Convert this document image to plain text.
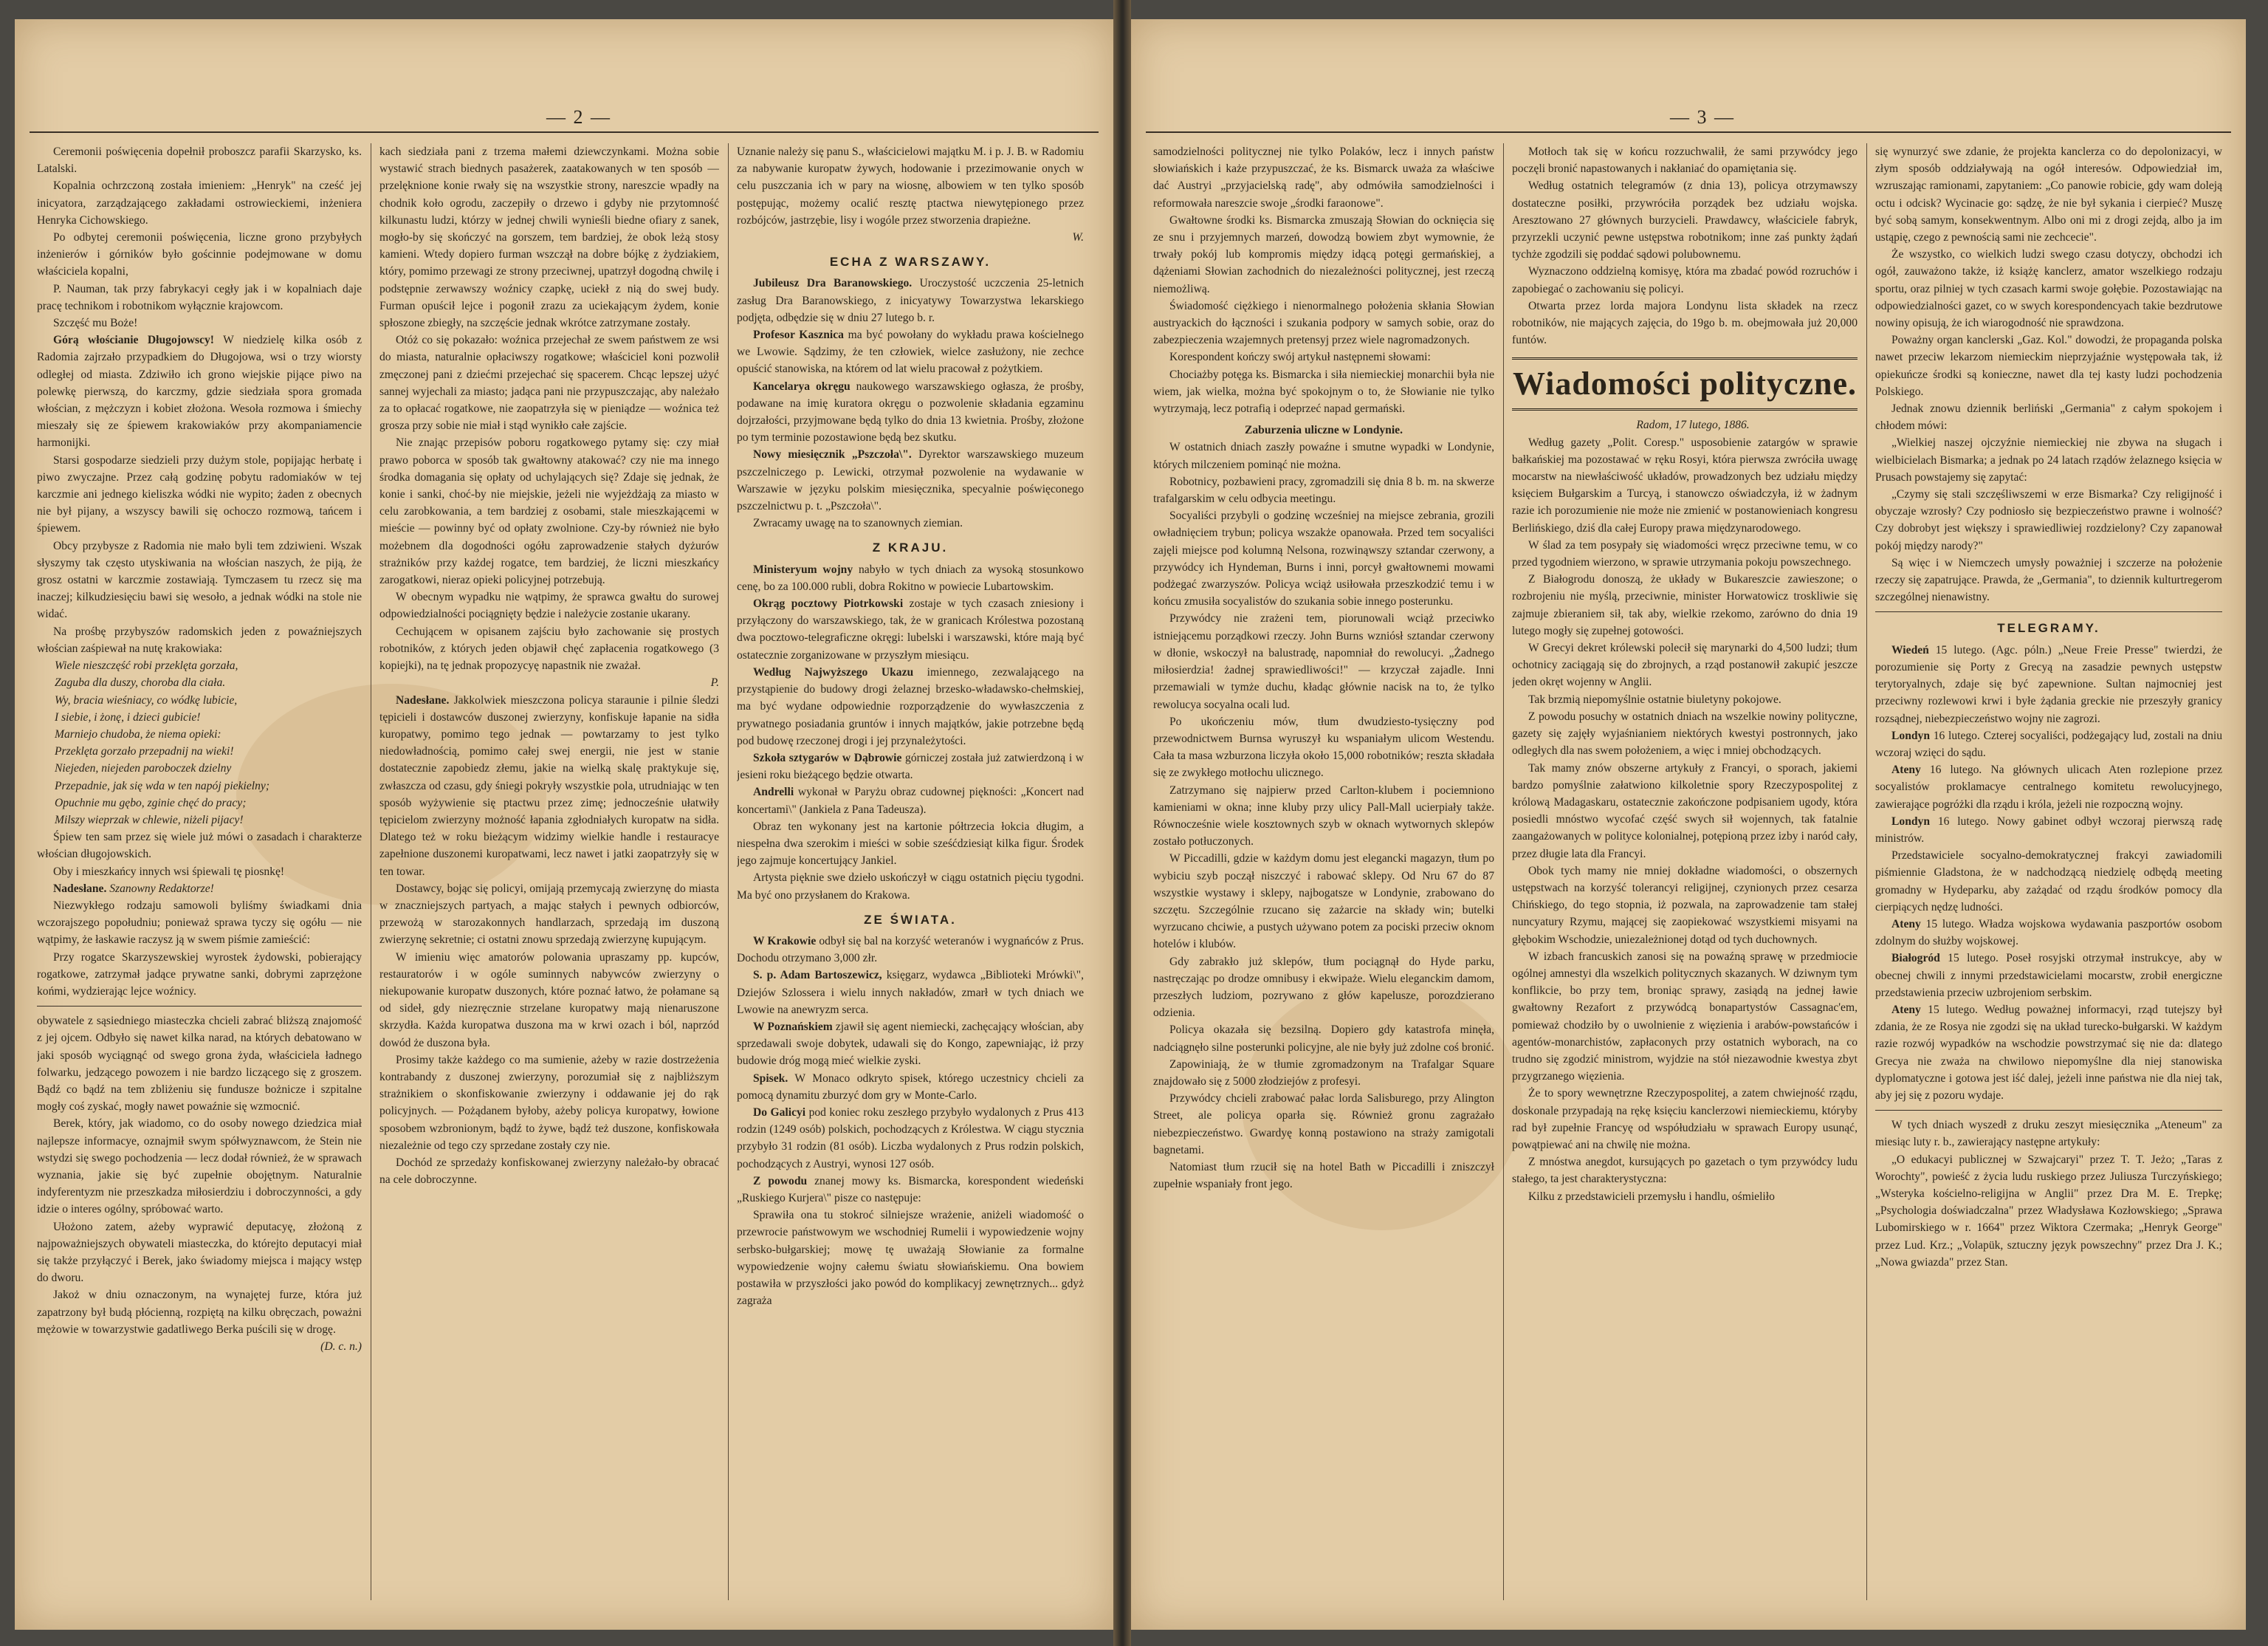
— 2 —

Ceremonii poświęcenia dopełnił proboszcz parafii Skarzysko, ks. Latalski.

Kopalnia ochrzczoną została imieniem: „Henryk" na cześć jej inicyatora, zarządzającego zakładami ostrowieckiemi, inżeniera Henryka Cichowskiego.

Po odbytej ceremonii poświęcenia, liczne grono przybyłych inżenierów i górników było gościnnie podejmowane w domu właściciela kopalni,

P. Nauman, tak przy fabrykacyi cegły jak i w kopalniach daje pracę technikom i robotnikom wyłącznie krajowcom.

Szczęść mu Boże!

Górą włościanie Długojowscy! W niedzielę kilka osób z Radomia zajrzało przypadkiem do Długojowa, wsi o trzy wiorsty odległej od miasta. Zdziwiło ich grono wiejskie pijące piwo na polewkę pierwszą, do karczmy, gdzie siedziała spora gromada włościan, z mężczyzn i kobiet złożona. Wesoła rozmowa i śmiechy mieszały się ze śpiewem krakowiaków przy akompaniamencie harmonijki.

Starsi gospodarze siedzieli przy dużym stole, popijając herbatę i piwo zwyczajne. Przez całą godzinę pobytu radomiaków w tej karczmie ani jednego kieliszka wódki nie wypito; żaden z obecnych nie był pijany, a wszyscy bawili się ochoczo rozmową, tańcem i śpiewem.

Obcy przybysze z Radomia nie mało byli tem zdziwieni. Wszak słyszymy tak często utyskiwania na włościan naszych, że piją, że grosz ostatni w karczmie zostawiają. Tymczasem tu rzecz się ma inaczej; kilkudziesięciu bawi się wesoło, a jednak wódki na stole nie widać.

Na prośbę przybyszów radomskich jeden z powaźniejszych włościan zaśpiewał na nutę krakowiaka:

Wiele nieszczęść robi przeklęta gorzała,

Zaguba dla duszy, choroba dla ciała.

Wy, bracia wieśniacy, co wódkę lubicie,

I siebie, i żonę, i dzieci gubicie!

Marniejo chudoba, że niema opieki:

Przeklęta gorzało przepadnij na wieki!

Niejeden, niejeden paroboczek dzielny

Przepadnie, jak się wda w ten napój piekielny;

Opuchnie mu gębo, zginie chęć do pracy;

Milszy wieprzak w chlewie, niżeli pijacy!

Śpiew ten sam przez się wiele już mówi o zasadach i charakterze włościan długojowskich.

Oby i mieszkańcy innych wsi śpiewali tę piosnkę!

Nadesłane. Szanowny Redaktorze!

Niezwykłego rodzaju samowoli byliśmy świadkami dnia wczorajszego popołudniu; ponieważ sprawa tyczy się ogółu — nie wątpimy, że łaskawie raczysz ją w swem piśmie zamieścić:

Przy rogatce Skarzyszewskiej wyrostek żydowski, pobierający rogatkowe, zatrzymał jadące prywatne sanki, dobrymi zaprzężone końmi, wydzierając lejce woźnicy.

obywatele z sąsiedniego miasteczka chcieli zabrać bliższą znajomość z jej ojcem. Odbyło się nawet kilka narad, na których debatowano w jaki sposób wyciągnąć od swego grona żyda, właściciela ładnego folwarku, jedzącego powozem i nie bardzo liczącego się z groszem. Bądź co bądź na tem zbliżeniu się fundusze bożnicze i szpitalne mogły coś zyskać, mogły nawet powaźnie się wzmocnić.

Berek, który, jak wiadomo, co do osoby nowego dziedzica miał najlepsze informacye, oznajmił swym spółwyznawcom, że Stein nie wstydzi się swego pochodzenia — lecz dodał również, że w sprawach wyznania, jakie się być zupełnie obojętnym. Naturalnie indyferentyzm nie przeszkadza miłosierdziu i dobroczynności, a gdy idzie o interes ogólny, spróbować warto.

Ułożono zatem, ażeby wyprawić deputacyę, złożoną z najpoważniejszych obywateli miasteczka, do którejto deputacyi miał się także przyłączyć i Berek, jako świadomy miejsca i mający wstęp do dworu.

Jakoż w dniu oznaczonym, na wynajętej furze, która już zapatrzony był budą płócienną, rozpiętą na kilku obręczach, poważni mężowie w towarzystwie gadatliwego Berka puścili się w drogę.

(D. c. n.)

kach siedziała pani z trzema małemi dziewczynkami. Można sobie wystawić strach biednych pasażerek, zaatakowanych w ten sposób — przelęknione konie rwały się na wszystkie strony, nareszcie wpadły na chodnik koło ogrodu, zaczepiły o drzewo i gdyby nie przytomność kilkunastu ludzi, którzy w jednej chwili wynieśli biedne ofiary z sanek, mogło-by się skończyć na gorszem, tem bardziej, że obok leżą stosy kamieni. Wtedy dopiero furman wszczął na dobre bójkę z żydziakiem, który, pomimo przewagi ze strony przeciwnej, upatrzył dogodną chwilę i podstępnie zerwawszy woźnicy czapkę, uciekł z nią do swej budy. Furman opuścił lejce i pogonił zrazu za uciekającym żydem, konie spłoszone zbiegły, na szczęście jednak wkrótce zatrzymane zostały.

Otóż co się pokazało: woźnica przejechał ze swem państwem ze wsi do miasta, naturalnie opłaciwszy rogatkowe; właściciel koni pozwolił zmęczonej pani z dziećmi przejechać się spacerem. Chcąc lepszej użyć sannej wyjechali za miasto; jadąca pani nie przypuszczając, aby należało za to opłacać rogatkowe, nie zaopatrzyła się w pieniądze — woźnica też grosza przy sobie nie miał i stąd wynikło całe zajście.

Nie znając przepisów poboru rogatkowego pytamy się: czy miał prawo poborca w sposób tak gwałtowny atakować? czy nie ma innego środka domagania się opłaty od uchylających się? Zdaje się jednak, że konie i sanki, choć-by nie miejskie, jeżeli nie wyjeżdżają za miasto w celu zarobkowania, a tem bardziej z osobami, stale mieszkającemi w mieście — powinny być od opłaty zwolnione. Czy-by również nie było możebnem dla dogodności ogółu zaprowadzenie stałych dyżurów strażników przy każdej rogatce, tem bardziej, że liczni mieszkańcy zarogatkowi, nieraz opieki policyjnej potrzebują.

W obecnym wypadku nie wątpimy, że sprawca gwałtu do surowej odpowiedzialności pociągnięty będzie i należycie zostanie ukarany.

Cechującem w opisanem zajściu było zachowanie się prostych robotników, z których jeden objawił chęć zapłacenia rogatkowego (3 kopiejki), na tę jednak propozycyę napastnik nie zważał.

P.

Nadesłane. Jakkolwiek mieszczona policya staraunie i pilnie śledzi tępicieli i dostawców duszonej zwierzyny, konfiskuje łapanie na sidła kuropatwy, pomimo tego jednak — powtarzamy to jest tylko niedowładnością, pomimo całej swej energii, nie jest w stanie dostatecznie zapobiedz złemu, jakie na wielką skalę praktykuje się, zwłaszcza od czasu, gdy śniegi pokryły wszystkie pola, utrudniając w ten sposób wyżywienie się ptactwu przez zimę; jednocześnie ułatwiły tępicielom zwierzyny możność łapania zgłodniałych kuropatw na sidła. Dlatego też w roku bieżącym widzimy wielkie handle i restauracye zapełnione duszonemi kuropatwami, lecz nawet i jatki zaopatrzyły się w ten towar.

Dostawcy, bojąc się policyi, omijają przemycają zwierzynę do miasta w znaczniejszych partyach, a mając stałych i pewnych odbiorców, przewożą w starozakonnych handlarzach, sprzedają im duszoną zwierzynę sekretnie; ci ostatni znowu sprzedają zwierzynę kupującym.

W imieniu więc amatorów polowania upraszamy pp. kupców, restauratorów i w ogóle suminnych nabywców zwierzyny o niekupowanie kuropatw duszonych, które poznać łatwo, że połamane są od sideł, gdy niezręcznie strzelane kuropatwy mają nienaruszone skrzydła. Każda kuropatwa duszona ma w krwi ozach i ból, naprzód dowód że duszona była.

Prosimy także każdego co ma sumienie, ażeby w razie dostrzeżenia kontrabandy z duszonej zwierzyny, porozumiał się z najbliższym strażnikiem o skonfiskowanie zwierzyny i oddawanie jej do rąk policyjnych. — Pożądanem byłoby, ażeby policya kuropatwy, łowione sposobem wzbronionym, bądź to żywe, bądź też duszone, konfiskowała niezależnie od tego czy sprzedane zostały czy nie.

Dochód ze sprzedaży konfiskowanej zwierzyny należało-by obracać na cele dobroczynne.

Uznanie należy się panu S., właścicielowi majątku M. i p. J. B. w Radomiu za nabywanie kuropatw żywych, hodowanie i przezimowanie onych w celu puszczania ich w pary na wiosnę, albowiem w ten tylko sposób postępując, możemy ocalić resztę ptactwa niewytępionego przez rozbójców, jastrzębie, lisy i wogóle przez stworzenia drapieżne.

W.

ECHA Z WARSZAWY.

Jubileusz Dra Baranowskiego. Uroczystość uczczenia 25-letnich zasług Dra Baranowskiego, z inicyatywy Towarzystwa lekarskiego podjęta, odbędzie się w dniu 27 lutego b. r.

Profesor Kasznica ma być powołany do wykładu prawa kościelnego we Lwowie. Sądzimy, że ten człowiek, wielce zasłużony, nie zechce opuścić stanowiska, na którem od lat wielu pracował z pożytkiem.

Kancelarya okręgu naukowego warszawskiego ogłasza, że prośby, podawane na imię kuratora okręgu o pozwolenie składania egzaminu dojrzałości, przyjmowane będą tylko do dnia 13 kwietnia. Prośby, złożone po tym terminie pozostawione będą bez skutku.

Nowy miesięcznik „Pszczoła\". Dyrektor warszawskiego muzeum pszczelniczego p. Lewicki, otrzymał pozwolenie na wydawanie w Warszawie w języku polskim miesięcznika, specyalnie poświęconego pszczelnictwu p. t. „Pszczoła\".

Zwracamy uwagę na to szanownych ziemian.

Z KRAJU.

Ministeryum wojny nabyło w tych dniach za wysoką stosunkowo cenę, bo za 100.000 rubli, dobra Rokitno w powiecie Lubartowskim.

Okrąg pocztowy Piotrkowski zostaje w tych czasach zniesiony i przyłączony do warszawskiego, tak, że w granicach Królestwa pozostaną dwa pocztowo-telegraficzne okręgi: lubelski i warszawski, które mają być ostatecznie zorganizowane w przyszłym miesiącu.

Według Najwyższego Ukazu imiennego, zezwalającego na przystąpienie do budowy drogi żelaznej brzesko-władawsko-chełmskiej, ma być wydane odpowiednie rozporządzenie do wywłaszczenia z prywatnego posiadania gruntów i innych majątków, jakie potrzebne będą pod budowę rzeczonej drogi i jej przynależytości.

Szkoła sztygarów w Dąbrowie górniczej została już zatwierdzoną i w jesieni roku bieżącego będzie otwarta.

Andrelli wykonał w Paryżu obraz cudownej piękności: „Koncert nad koncertami\" (Jankiela z Pana Tadeusza).

Obraz ten wykonany jest na kartonie półtrzecia łokcia długim, a niespełna dwa szerokim i mieści w sobie sześćdziesiąt kilka figur. Środek jego zajmuje koncertujący Jankiel.

Artysta pięknie swe dzieło uskończył w ciągu ostatnich pięciu tygodni. Ma być ono przysłanem do Krakowa.

ZE ŚWIATA.

W Krakowie odbył się bal na korzyść weteranów i wygnańców z Prus. Dochodu otrzymano 3,000 złr.

S. p. Adam Bartoszewicz, księgarz, wydawca „Biblioteki Mrówki\", Dziejów Szlossera i wielu innych nakładów, zmarł w tych dniach we Lwowie na anewryzm serca.

W Poznańskiem zjawił się agent niemiecki, zachęcający włościan, aby sprzedawali swoje dobytek, udawali się do Kongo, zapewniając, iż przy budowie dróg mogą mieć wielkie zyski.

Spisek. W Monaco odkryto spisek, którego uczestnicy chcieli za pomocą dynamitu zburzyć dom gry w Monte-Carlo.

Do Galicyi pod koniec roku zeszłego przybyło wydalonych z Prus 413 rodzin (1249 osób) polskich, pochodzących z Królestwa. W ciągu stycznia przybyło 31 rodzin (81 osób). Liczba wydalonych z Prus rodzin polskich, pochodzących z Austryi, wynosi 127 osób.

Z powodu znanej mowy ks. Bismarcka, korespondent wiedeński „Ruskiego Kurjera\" pisze co następuje:

Sprawiła ona tu stokroć silniejsze wrażenie, aniżeli wiadomość o przewrocie państwowym we wschodniej Rumelii i wypowiedzenie wojny serbsko-bułgarskiej; mowę tę uważają Słowianie za formalne wypowiedzenie wojny całemu światu słowiańskiemu. Ona bowiem postawiła w przyszłości jako powód do komplikacyj zewnętrznych... gdyż zagraża

— 3 —

samodzielności politycznej nie tylko Polaków, lecz i innych państw słowiańskich i każe przypuszczać, że ks. Bismarck uważa za właściwe dać Austryi „przyjacielską radę", aby odmówiła samodzielności i reformowała nareszcie swoje „środki faraonowe".

Gwałtowne środki ks. Bismarcka zmuszają Słowian do ocknięcia się ze snu i przyjemnych marzeń, dowodzą bowiem zbyt wymownie, że trwały pokój lub kompromis między idącą potęgi germańskiej, a dążeniami Słowian zachodnich do niezależności politycznej, jest rzeczą niemożliwą.

Świadomość ciężkiego i nienormalnego położenia skłania Słowian austryackich do łączności i szukania podpory w samych sobie, oraz do zabezpieczenia wzajemnych pretensyj przez wiele nagromadzonych.

Korespondent kończy swój artykuł następnemi słowami:

Chociażby potęga ks. Bismarcka i siła niemieckiej monarchii była nie wiem, jak wielka, można być spokojnym o to, że Słowianie nie tylko wytrzymają, lecz potrafią i odeprzeć napad germański.

Zaburzenia uliczne w Londynie.

W ostatnich dniach zaszły powaźne i smutne wypadki w Londynie, których milczeniem pominąć nie można.

Robotnicy, pozbawieni pracy, zgromadzili się dnia 8 b. m. na skwerze trafalgarskim w celu odbycia meetingu.

Socyaliści przybyli o godzinę wcześniej na miejsce zebrania, grozili owładnięciem trybun; policya wszakże opanowała. Przed tem socyaliści zajęli miejsce pod kolumną Nelsona, rozwinąwszy sztandar czerwony, a przywódcy ich Hyndeman, Burns i inni, porcył gwałtownemi mowami podżegać zwarzyszów. Policya wciąż usiłowała przeszkodzić temu i w końcu zmusiła socyalistów do szukania sobie innego posterunku.

Przywódcy nie zrażeni tem, piorunowali wciąż przeciwko istniejącemu porządkowi rzeczy. John Burns wzniósł sztandar czerwony w dłonie, wskoczył na balustradę, napomniał do rewolucyi. „Żadnego miłosierdzia! żadnej sprawiedliwości!" — krzyczał zajadle. Inni przemawiali w tymże duchu, kładąc głównie nacisk na to, że tylko rewolucya socyalna ocali lud.

Po ukończeniu mów, tłum dwudziesto-tysięczny pod przewodnictwem Burnsa wyruszył ku wspaniałym ulicom Westendu. Cała ta masa wzburzona liczyła około 15,000 robotników; reszta składała się ze zwykłego motłochu ulicznego.

Zatrzymano się najpierw przed Carlton-klubem i pociemniono kamieniami w okna; inne kluby przy ulicy Pall-Mall ucierpiały także. Równocześnie wiele kosztownych szyb w oknach wytwornych sklepów zostało potłuczonych.

W Piccadilli, gdzie w każdym domu jest elegancki magazyn, tłum po wybiciu szyb począł niszczyć i rabować sklepy. Od Nru 67 do 87 wszystkie wystawy i sklepy, najbogatsze w Londynie, zrabowano do szczętu. Szczególnie rzucano się zażarcie na składy win; butelki wyrzucano chciwie, a pustych używano potem za pociski przeciw oknom hotelów i klubów.

Gdy zabrakło już sklepów, tłum pociągnął do Hyde parku, nastręczając po drodze omnibusy i ekwipaże. Wielu eleganckim damom, przeszłych ludziom, pozrywano z głów kapelusze, porozdzierano odzienia.

Policya okazała się bezsilną. Dopiero gdy katastrofa minęła, nadciągnęło silne posterunki policyjne, ale nie były już zdolne coś bronić.

Zapowiniają, że w tłumie zgromadzonym na Trafalgar Square znajdowało się z 5000 złodziejów z profesyi.

Przywódcy chcieli zrabować pałac lorda Salisburego, przy Alington Street, ale policya oparła się. Również gronu zagrażało niebezpieczeństwo. Gwardyę konną postawiono na straży zamigotali bagnetami.

Natomiast tłum rzucił się na hotel Bath w Piccadilli i zniszczył zupełnie wspaniały front jego.

Motłoch tak się w końcu rozzuchwalił, że sami przywódcy jego poczęli bronić napastowanych i nakłaniać do opamiętania się.

Według ostatnich telegramów (z dnia 13), policya otrzymawszy dostateczne posiłki, przywróciła porządek bez udziału wojska. Aresztowano 27 głównych burzycieli. Prawdawcy, właściciele fabryk, przyrzekli uczynić pewne ustępstwa robotnikom; inne zaś punkty żądań tychże zgodzili się poddać sądowi polubownemu.

Wyznaczono oddzielną komisyę, która ma zbadać powód rozruchów i zapobiegać o zachowaniu się policyi.

Otwarta przez lorda majora Londynu lista składek na rzecz robotników, nie mających zajęcia, do 19go b. m. obejmowała już 20,000 funtów.

Wiadomości polityczne.

Radom, 17 lutego, 1886.

Według gazety „Polit. Coresp." usposobienie zatargów w sprawie bałkańskiej ma pozostawać w ręku Rosyi, która pierwsza zwróciła uwagę mocarstw na niewłaściwość układów, prowadzonych bez udziału między księciem Bułgarskim a Turcyą, i stanowczo oświadczyła, iż w żadnym razie ich porozumienie nie może nie zmienić w postanowieniach kongresu Berlińskiego, dziś dla całej Europy prawa międzynarodowego.

W ślad za tem posypały się wiadomości wręcz przeciwne temu, w co przed tygodniem wierzono, w sprawie utrzymania pokoju powszechnego.

Z Białogrodu donoszą, że układy w Bukareszcie zawieszone; o rozbrojeniu nie myślą, przeciwnie, minister Horwatowicz troskliwie się zajmuje zbieraniem sił, tak aby, wielkie rzekomo, zarówno do dnia 19 lutego mogły się zupełnej gotowości.

W Grecyi dekret królewski polecił się marynarki do 4,500 ludzi; tłum ochotnicy zaciągają się do zbrojnych, a rząd postanowił zakupić jeszcze jeden okręt wojenny w Anglii.

Tak brzmią niepomyślnie ostatnie biuletyny pokojowe.

Z powodu posuchy w ostatnich dniach na wszelkie nowiny polityczne, gazety się zajęły wyjaśnianiem niektórych kwestyi postronnych, jako odległych dla nas swem położeniem, a więc i mniej obchodzących.

Tak mamy znów obszerne artykuły z Francyi, o sporach, jakiemi bardzo pomyślnie załatwiono kilkoletnie spory Rzeczypospolitej z królową Madagaskaru, ostatecznie zakończone podpisaniem ugody, która posiedli mnóstwo wycofać część swych sił wojennych, tak fatalnie zaangażowanych w polityce kolonialnej, potępioną przez izby i naród cały, przez długie lata dla Francyi.

Obok tych mamy nie mniej dokładne wiadomości, o obszernych ustępstwach na korzyść tolerancyi religijnej, czynionych przez cesarza Chińskiego, do tego stopnia, iż pozwala, na zaprowadzenie tam stałej nuncyatury Rzymu, mającej się zaopiekować wszystkiemi misyami na głębokim Wschodzie, uniezależnionej dotąd od tych duchownych.

W izbach francuskich zanosi się na powaźną sprawę w przedmiocie ogólnej amnestyi dla wszelkich politycznych skazanych. W dziwnym tym konflikcie, bo przy tem, broniąc sprawy, zasiądą na jednej ławie gwałtowny Rezafort z przywódcą bonapartystów Cassagnac'em, pomieważ chodziło by o uwolnienie z więzienia i arabów-powstańców i agentów-monarchistów, zapłaconych przy ostatnich wyborach, na co trudno się zgodzić ministrom, wyjdzie na stół niezawodnie kwestya zbyt przygrzanego więzienia.

Że to spory wewnętrzne Rzeczypospolitej, a zatem chwiejność rządu, doskonale przypadają na rękę księciu kanclerzowi niemieckiemu, któryby rad był zupełnie Francyę od współudziału w sprawach Europy usunąć, powątpiewać ani na chwilę nie można.

Z mnóstwa anegdot, kursujących po gazetach o tym przywódcy ludu stałego, ta jest charakterystyczna:

Kilku z przedstawicieli przemysłu i handlu, ośmieliło

się wynurzyć swe zdanie, że projekta kanclerza co do depolonizacyi, w złym sposób oddziaływają na ogół interesów. Odpowiedział im, wzruszając ramionami, zapytaniem: „Co panowie robicie, gdy wam doleją octu i odcisk? Wycinacie go: sądzę, że nie był sykania i cierpieć? Muszę być sobą samym, konsekwentnym. Albo oni mi z drogi zejdą, albo ja im ustąpię, czego z pewnością sami nie zechcecie".

Że wszystko, co wielkich ludzi swego czasu dotyczy, obchodzi ich ogół, zauważono także, iż książę kanclerz, amator wszelkiego rodzaju sportu, oraz pilniej w tych czasach karmi swoje gołębie. Pozostawiając na odpowiedzialności gazet, co w swych korespondencyach takie bezdrutowe nowiny opisują, że ich wiarogodność nie sprawdzona.

Poważny organ kanclerski „Gaz. Kol." dowodzi, że propaganda polska nawet przeciw lekarzom niemieckim nieprzyjaźnie występowała tak, iż opiekuńcze środki są konieczne, nawet dla tej kasty ludzi pochodzenia Polskiego.

Jednak znowu dziennik berliński „Germania" z całym spokojem i chłodem mówi:

„Wielkiej naszej ojczyźnie niemieckiej nie zbywa na sługach i wielbicielach Bismarka; a jednak po 24 latach rządów żelaznego księcia w Prusach powstajemy się zapytać:

„Czymy się stali szczęśliwszemi w erze Bismarka? Czy religijność i obyczaje wzrosły? Czy podniosło się bezpieczeństwo prawne i wolność? Czy dobrobyt jest większy i sprawiedliwiej rozdzielony? Czy zapanował pokój między narody?"

Są więc i w Niemczech umysły poważniej i szczerze na położenie rzeczy się zapatrujące. Prawda, że „Germania", to dziennik kulturtregerom szczególnej nienawistny.

TELEGRAMY.

Wiedeń 15 lutego. (Agc. póln.) „Neue Freie Presse" twierdzi, że porozumienie się Porty z Grecyą na zasadzie pewnych ustępstw terytoryalnych, zdaje się być zapewnione. Sultan najmocniej jest przeciwny rozlewowi krwi i byłe żądania greckie nie przeszyły granicy rozsądnej, niebezpieczeństwo wojny nie zagrozi.

Londyn 16 lutego. Czterej socyaliści, podżegający lud, zostali na dniu wczoraj wzięci do sądu.

Ateny 16 lutego. Na głównych ulicach Aten rozlepione przez socyalistów proklamacye centralnego komitetu rewolucyjnego, zawierające pogróżki dla rządu i króla, jeżeli nie rozpoczną wojny.

Londyn 16 lutego. Nowy gabinet odbył wczoraj pierwszą radę ministrów.

Przedstawiciele socyalno-demokratycznej frakcyi zawiadomili piśmiennie Gladstona, że w nadchodzącą niedzielę odbędą meeting gromadny w Hydeparku, aby zażądać od rządu środków pomocy dla cierpiących nędzę ludności.

Ateny 15 lutego. Władza wojskowa wydawania paszportów osobom zdolnym do służby wojskowej.

Białogród 15 lutego. Poseł rosyjski otrzymał instrukcye, aby w obecnej chwili z innymi przedstawicielami mocarstw, zrobił energiczne przedstawienia przeciw uzbrojeniom serbskim.

Ateny 15 lutego. Według poważnej informacyi, rząd tutejszy był zdania, że ze Rosya nie zgodzi się na układ turecko-bułgarski. W każdym razie rozwój wypadków na wschodzie powstrzymać się nie da: dlatego Grecya nie zważa na chwilowo niepomyślne dla niej stanowiska dyplomatyczne i gotowa jest iść dalej, jeżeli inne państwa nie dla niej tak, aby jej się z pozoru wydaje.

W tych dniach wyszedł z druku zeszyt miesięcznika „Ateneum" za miesiąc luty r. b., zawierający następne artykuły:

„O edukacyi publicznej w Szwajcaryi" przez T. T. Jeżo; „Taras z Worochty", powieść z życia ludu ruskiego przez Juliusza Turczyńskiego; „Wsteryka kościelno-religijna w Anglii" przez Dra M. E. Trepkę; „Psychologia doświadczalna" przez Władysława Kozłowskiego; „Sprawa Lubomirskiego w r. 1664" przez Wiktora Czermaka; „Henryk George" przez Lud. Krz.; „Volapük, sztuczny język powszechny" przez Dra J. K.; „Nowa gwiazda" przez Stan.
